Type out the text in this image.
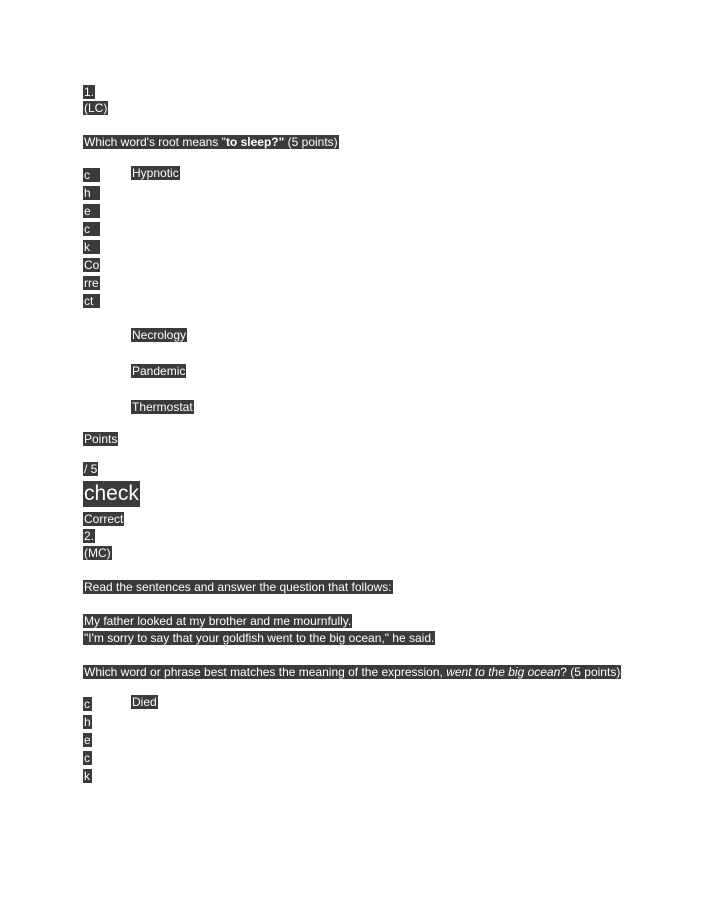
1.
(LC)
Which word's root means "to sleep?" (5 points)
c
h
e
c
k
Co
rre
ct
Hypnotic
Necrology
Pandemic
Thermostat
Points
/ 5
check
Correct
2.
(MC)
Read the sentences and answer the question that follows:
My father looked at my brother and me mournfully.
"I'm sorry to say that your goldfish went to the big ocean," he said.
Which word or phrase best matches the meaning of the expression, went to the big ocean? (5 points)
c
h
e
c
k
Died
